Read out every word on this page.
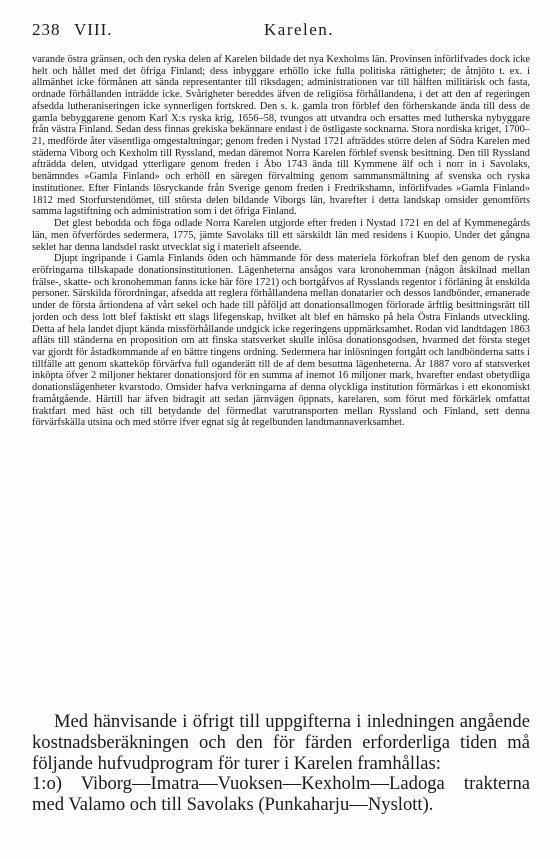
238 VIII.	Karelen.

varande östra gränsen, och den ryska delen af Karelen bildade det nya Kexholms län. Provinsen införlifvades dock icke helt och hållet med det öfriga Finland; dess inbyggare erhöllo icke fulla politiska rättigheter; de åtnjöto t. ex. i allmänhet icke förmånen att sända representanter till riksdagen; administrationen var till hälften militärisk och fasta, ordnade förhållanden inträdde icke. Svårigheter bereddes äfven de religiösa förhållandena, i det att den af regeringen afsedda lutheraniseringen icke synnerligen fortskred. Den s. k. gamla tron förblef den förherskande ända till dess de gamla bebyggarene genom Karl X:s ryska krig, 1656–58, tvungos att utvandra och ersattes med lutherska nybyggare från västra Finland. Sedan dess finnas grekiska bekännare endast i de östligaste socknarna. Stora nordiska kriget, 1700–21, medförde åter väsentliga omgestaltningar; genom freden i Nystad 1721 afträddes större delen af Södra Karelen med städerna Viborg och Kexholm till Ryssland, medan däremot Norra Karelen förblef svensk besittning. Den till Ryssland afträdda delen, utvidgad ytterligare genom freden i Åbo 1743 ända till Kymmene älf och i norr in i Savolaks, benämndes »Gamla Finland» och erhöll en säregen förvaltning genom sammansmältning af svenska och ryska institutioner. Efter Finlands lösryckande från Sverige genom freden i Fredrikshamn, införlifvades »Gamla Finland» 1812 med Storfurstendömet, till största delen bildande Viborgs län, hvarefter i detta landskap omsider genomförts samma lagstiftning och administration som i det öfriga Finland.

Det glest bebodda och föga odlade Norra Karelen utgjorde efter freden i Nystad 1721 en del af Kymmenegårds län, men öfverfördes sedermera, 1775, jämte Savolaks till ett särskildt län med residens i Kuopio. Under det gångna seklet har denna landsdel raskt utvecklat sig i materielt afseende.

Djupt ingripande i Gamla Finlands öden och hämmande för dess materiela förkofran blef den genom de ryska eröfringarna tillskapade donationsinstitutionen. Lägenheterna ansågos vara kronohemman (någon åtskilnad mellan frälse-, skatte- och kronohemman fanns icke här före 1721) och bortgåfvos af Rysslands regentor i förläning åt enskilda personer. Särskilda förordningar, afsedda att reglera förhållandena mellan donatarier och dessos landbönder, emanerade under de första årtiondena af vårt sekel och hade till påföljd att donationsallmogen förlorade ärftlig besittningsrätt till jorden och dess lott blef faktiskt ett slags lifegenskap, hvilket alt blef en hämsko på hela Östra Finlands utveckling. Detta af hela landet djupt kända missförhållande undgick icke regeringens uppmärksamhet. Rodan vid landtdagen 1863 afläts till ständerna en proposition om att finska statsverket skulle inlösa donationsgodsen, hvarmed det första steget var gjordt för åstadkommande af en bättre tingens ordning. Sedermera har inlösningen fortgått och landbönderna satts i tillfälle att genom skatteköp förvärfva full oganderätt till de af dem besuttna lägenheterna. År 1887 voro af statsverket inköpta öfver 2 miljoner hektarer donationsjord för en summa af inemot 16 miljoner mark, hvarefter endast obetydliga donationslägenheter kvarstodo. Omsider hafva verkningarna af denna olyckliga institution förmärkas i ett ekonomiskt framåtgående. Härtill har äfven bidragit att sedan järnvägen öppnats, karelaren, som förut med förkärlek omfattat fraktfart med häst och till betydande del förmedlat varutransporten mellan Ryssland och Finland, sett denna förvärfskälla utsina och med större ifver egnat sig åt regelbunden landtmannaverksamhet.

Med hänvisande i öfrigt till uppgifterna i inledningen angående kostnadsberäkningen och den för färden erforderliga tiden må följande hufvudprogram för turer i Karelen framhållas:

1:o) Viborg—Imatra—Vuoksen—Kexholm—Ladoga trakterna med Valamo och till Savolaks (Punkaharju—Nyslott).
